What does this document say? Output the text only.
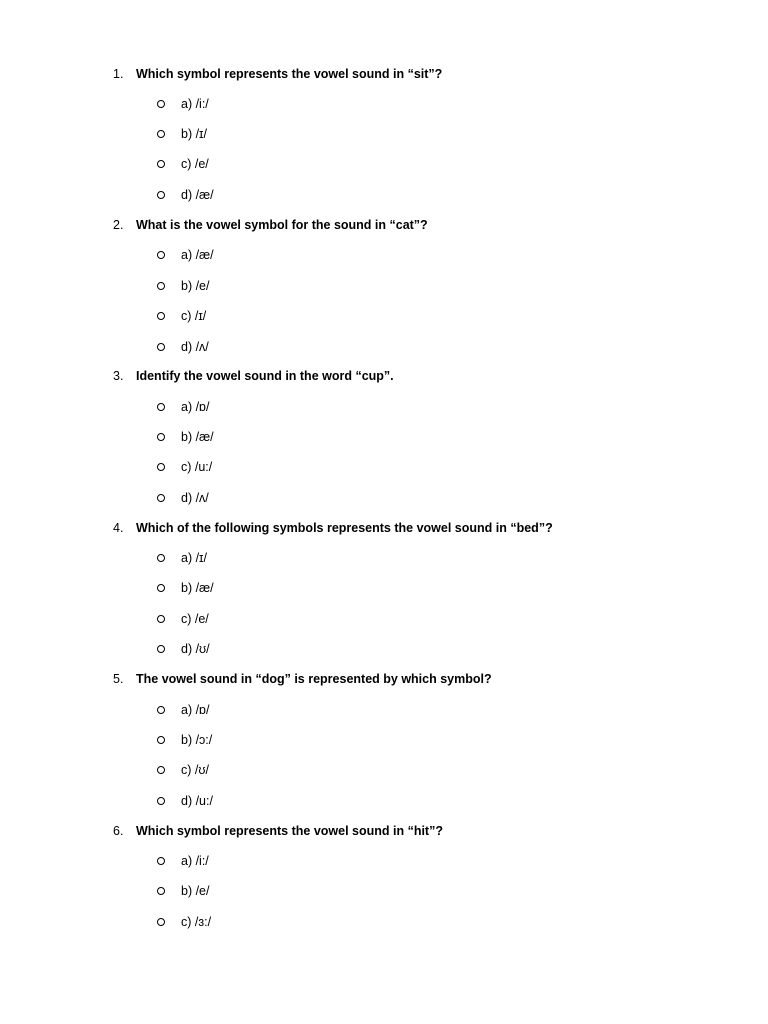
1. Which symbol represents the vowel sound in “sit”?
a) /i:/
b) /ɪ/
c) /e/
d) /æ/
2. What is the vowel symbol for the sound in “cat”?
a) /æ/
b) /e/
c) /ɪ/
d) /ʌ/
3. Identify the vowel sound in the word “cup”.
a) /ɒ/
b) /æ/
c) /u:/
d) /ʌ/
4. Which of the following symbols represents the vowel sound in “bed”?
a) /ɪ/
b) /æ/
c) /e/
d) /ʊ/
5. The vowel sound in “dog” is represented by which symbol?
a) /ɒ/
b) /ɔ:/
c) /ʊ/
d) /u:/
6. Which symbol represents the vowel sound in “hit”?
a) /i:/
b) /e/
c) /ɜ:/
